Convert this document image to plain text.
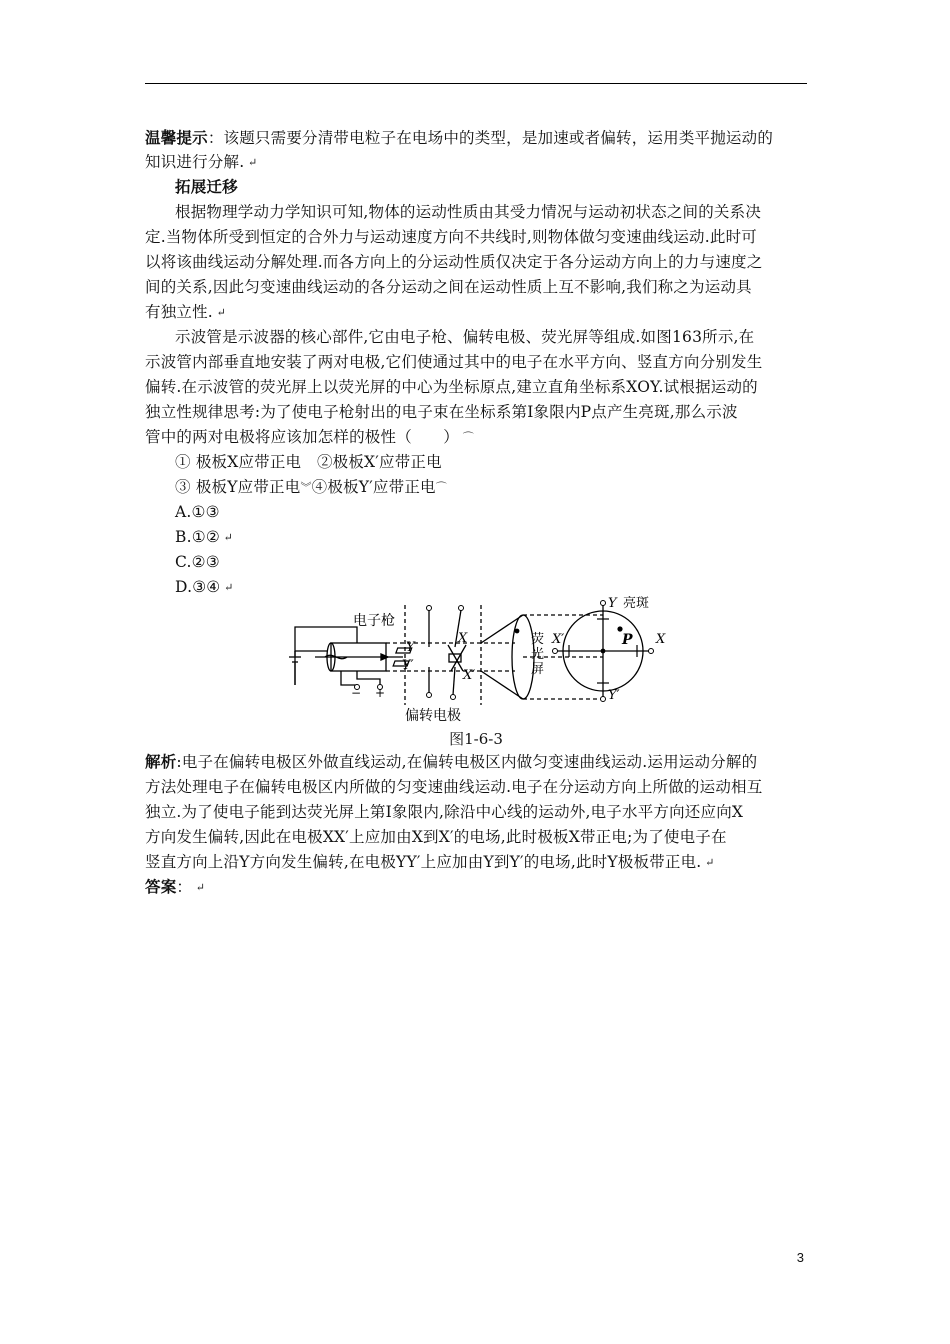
温馨提示：该题只需要分清带电粒子在电场中的类型，是加速或者偏转，运用类平抛运动的
知识进行分解. ↵
拓展迁移
根据物理学动力学知识可知,物体的运动性质由其受力情况与运动初状态之间的关系决
定.当物体所受到恒定的合外力与运动速度方向不共线时,则物体做匀变速曲线运动.此时可
以将该曲线运动分解处理.而各方向上的分运动性质仅决定于各分运动方向上的力与速度之
间的关系,因此匀变速曲线运动的各分运动之间在运动性质上互不影响,我们称之为运动具
有独立性. ↵
示波管是示波器的核心部件,它由电子枪、偏转电极、荧光屏等组成.如图163所示,在
示波管内部垂直地安装了两对电极,它们使通过其中的电子在水平方向、竖直方向分别发生
偏转.在示波管的荧光屏上以荧光屏的中心为坐标原点,建立直角坐标系XOY.试根据运动的
独立性规律思考:为了使电子枪射出的电子束在坐标系第Ⅰ象限内P点产生亮斑,那么示波
管中的两对电极将应该加怎样的极性（　　） ⌒
① 极板X应带正电　②极板X′应带正电
③ 极板Y应带正电︾④极板Y′应带正电⌒
A.①③
B.①② ↵
C.②③
D.③④ ↵
电子枪
偏转电极
Y
Y′
X
X′
− +
荧
光
屏
Y 亮斑
P X
X′
Y′
图1-6-3
解析:电子在偏转电极区外做直线运动,在偏转电极区内做匀变速曲线运动.运用运动分解的
方法处理电子在偏转电极区内所做的匀变速曲线运动.电子在分运动方向上所做的运动相互
独立.为了使电子能到达荧光屏上第Ⅰ象限内,除沿中心线的运动外,电子水平方向还应向X
方向发生偏转,因此在电极XX′上应加由X到X′的电场,此时极板X带正电;为了使电子在
竖直方向上沿Y方向发生偏转,在电极YY′上应加由Y到Y′的电场,此时Y极板带正电. ↵
答案： ↵
3
